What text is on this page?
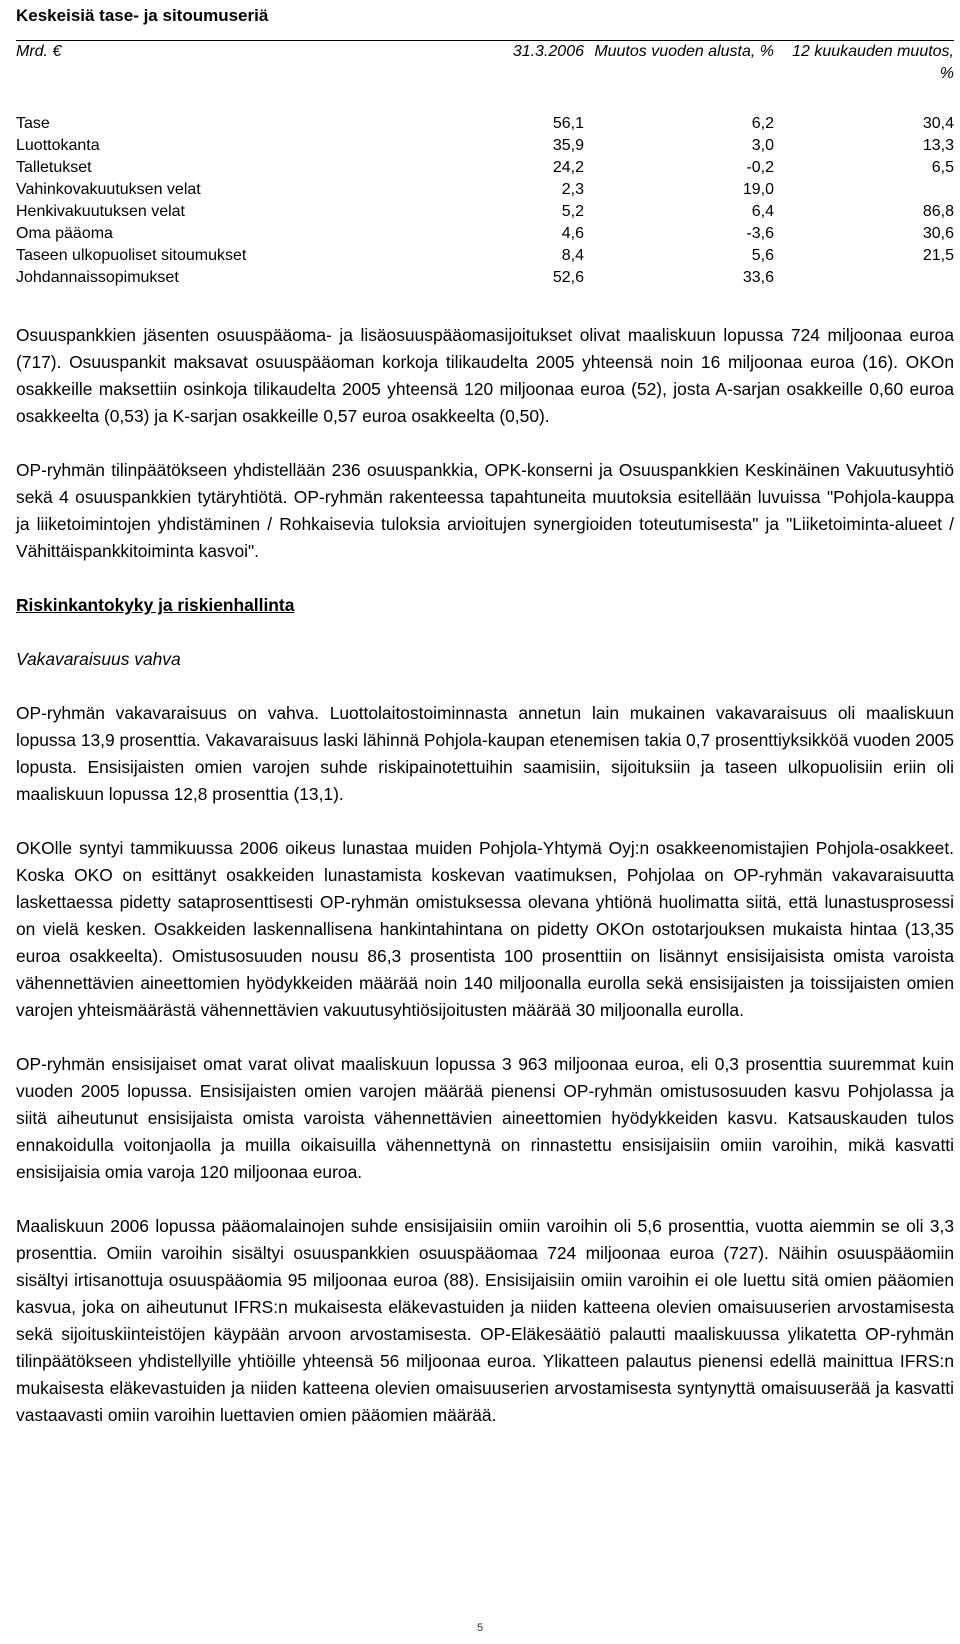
Keskeisiä tase- ja sitoumuseriä
Mrd. €	31.3.2006	Muutos vuoden alusta, %	12 kuukauden muutos, %
Tase	56,1	6,2	30,4
Luottokanta	35,9	3,0	13,3
Talletukset	24,2	-0,2	6,5
Vahinkovakuutuksen velat	2,3	19,0	
Henkivakuutuksen velat	5,2	6,4	86,8
Oma pääoma	4,6	-3,6	30,6
Taseen ulkopuoliset sitoumukset	8,4	5,6	21,5
Johdannaissopimukset	52,6	33,6	

Osuuspankkien jäsenten osuuspääoma- ja lisäosuuspääomasijoitukset olivat maaliskuun lopussa 724 miljoonaa euroa (717). Osuuspankit maksavat osuuspääoman korkoja tilikaudelta 2005 yhteensä noin 16 miljoonaa euroa (16). OKOn osakkeille maksettiin osinkoja tilikaudelta 2005 yhteensä 120 miljoonaa euroa (52), josta A-sarjan osakkeille 0,60 euroa osakkeelta (0,53) ja K-sarjan osakkeille 0,57 euroa osakkeelta (0,50).

OP-ryhmän tilinpäätökseen yhdistellään 236 osuuspankkia, OPK-konserni ja Osuuspankkien Keskinäinen Vakuutusyhtiö sekä 4 osuuspankkien tytäryhtiötä. OP-ryhmän rakenteessa tapahtuneita muutoksia esitellään luvuissa "Pohjola-kauppa ja liiketoimintojen yhdistäminen / Rohkaisevia tuloksia arvioitujen synergioiden toteutumisesta" ja "Liiketoiminta-alueet / Vähittäispankkitoiminta kasvoi".

Riskinkantokyky ja riskienhallinta
Vakavaraisuus vahva

OP-ryhmän vakavaraisuus on vahva. Luottolaitostoiminnasta annetun lain mukainen vakavaraisuus oli maaliskuun lopussa 13,9 prosenttia. Vakavaraisuus laski lähinnä Pohjola-kaupan etenemisen takia 0,7 prosenttiyksikköä vuoden 2005 lopusta. Ensisijaisten omien varojen suhde riskipainotettuihin saamisiin, sijoituksiin ja taseen ulkopuolisiin eriin oli maaliskuun lopussa 12,8 prosenttia (13,1).

OKOlle syntyi tammikuussa 2006 oikeus lunastaa muiden Pohjola-Yhtymä Oyj:n osakkeenomistajien Pohjola-osakkeet. Koska OKO on esittänyt osakkeiden lunastamista koskevan vaatimuksen, Pohjolaa on OP-ryhmän vakavaraisuutta laskettaessa pidetty sataprosenttisesti OP-ryhmän omistuksessa olevana yhtiönä huolimatta siitä, että lunastusprosessi on vielä kesken. Osakkeiden laskennallisena hankintahintana on pidetty OKOn ostotarjouksen mukaista hintaa (13,35 euroa osakkeelta). Omistusosuuden nousu 86,3 prosentista 100 prosenttiin on lisännyt ensisijaisista omista varoista vähennettävien aineettomien hyödykkeiden määrää noin 140 miljoonalla eurolla sekä ensisijaisten ja toissijaisten omien varojen yhteismäärästä vähennettävien vakuutusyhtiösijoitusten määrää 30 miljoonalla eurolla.

OP-ryhmän ensisijaiset omat varat olivat maaliskuun lopussa 3 963 miljoonaa euroa, eli 0,3 prosenttia suuremmat kuin vuoden 2005 lopussa. Ensisijaisten omien varojen määrää pienensi OP-ryhmän omistusosuuden kasvu Pohjolassa ja siitä aiheutunut ensisijaista omista varoista vähennettävien aineettomien hyödykkeiden kasvu. Katsauskauden tulos ennakoidulla voitonjaolla ja muilla oikaisuilla vähennettynä on rinnastettu ensisijaisiin omiin varoihin, mikä kasvatti ensisijaisia omia varoja 120 miljoonaa euroa.

Maaliskuun 2006 lopussa pääomalainojen suhde ensisijaisiin omiin varoihin oli 5,6 prosenttia, vuotta aiemmin se oli 3,3 prosenttia. Omiin varoihin sisältyi osuuspankkien osuuspääomaa 724 miljoonaa euroa (727). Näihin osuuspääomiin sisältyi irtisanottuja osuuspääomia 95 miljoonaa euroa (88). Ensisijaisiin omiin varoihin ei ole luettu sitä omien pääomien kasvua, joka on aiheutunut IFRS:n mukaisesta eläkevastuiden ja niiden katteena olevien omaisuuserien arvostamisesta sekä sijoituskiinteistöjen käypään arvoon arvostamisesta. OP-Eläkesäätiö palautti maaliskuussa ylikatetta OP-ryhmän tilinpäätökseen yhdistellyille yhtiöille yhteensä 56 miljoonaa euroa. Ylikatteen palautus pienensi edellä mainittua IFRS:n mukaisesta eläkevastuiden ja niiden katteena olevien omaisuuserien arvostamisesta syntynyttä omaisuuserää ja kasvatti vastaavasti omiin varoihin luettavien omien pääomien määrää.

5
